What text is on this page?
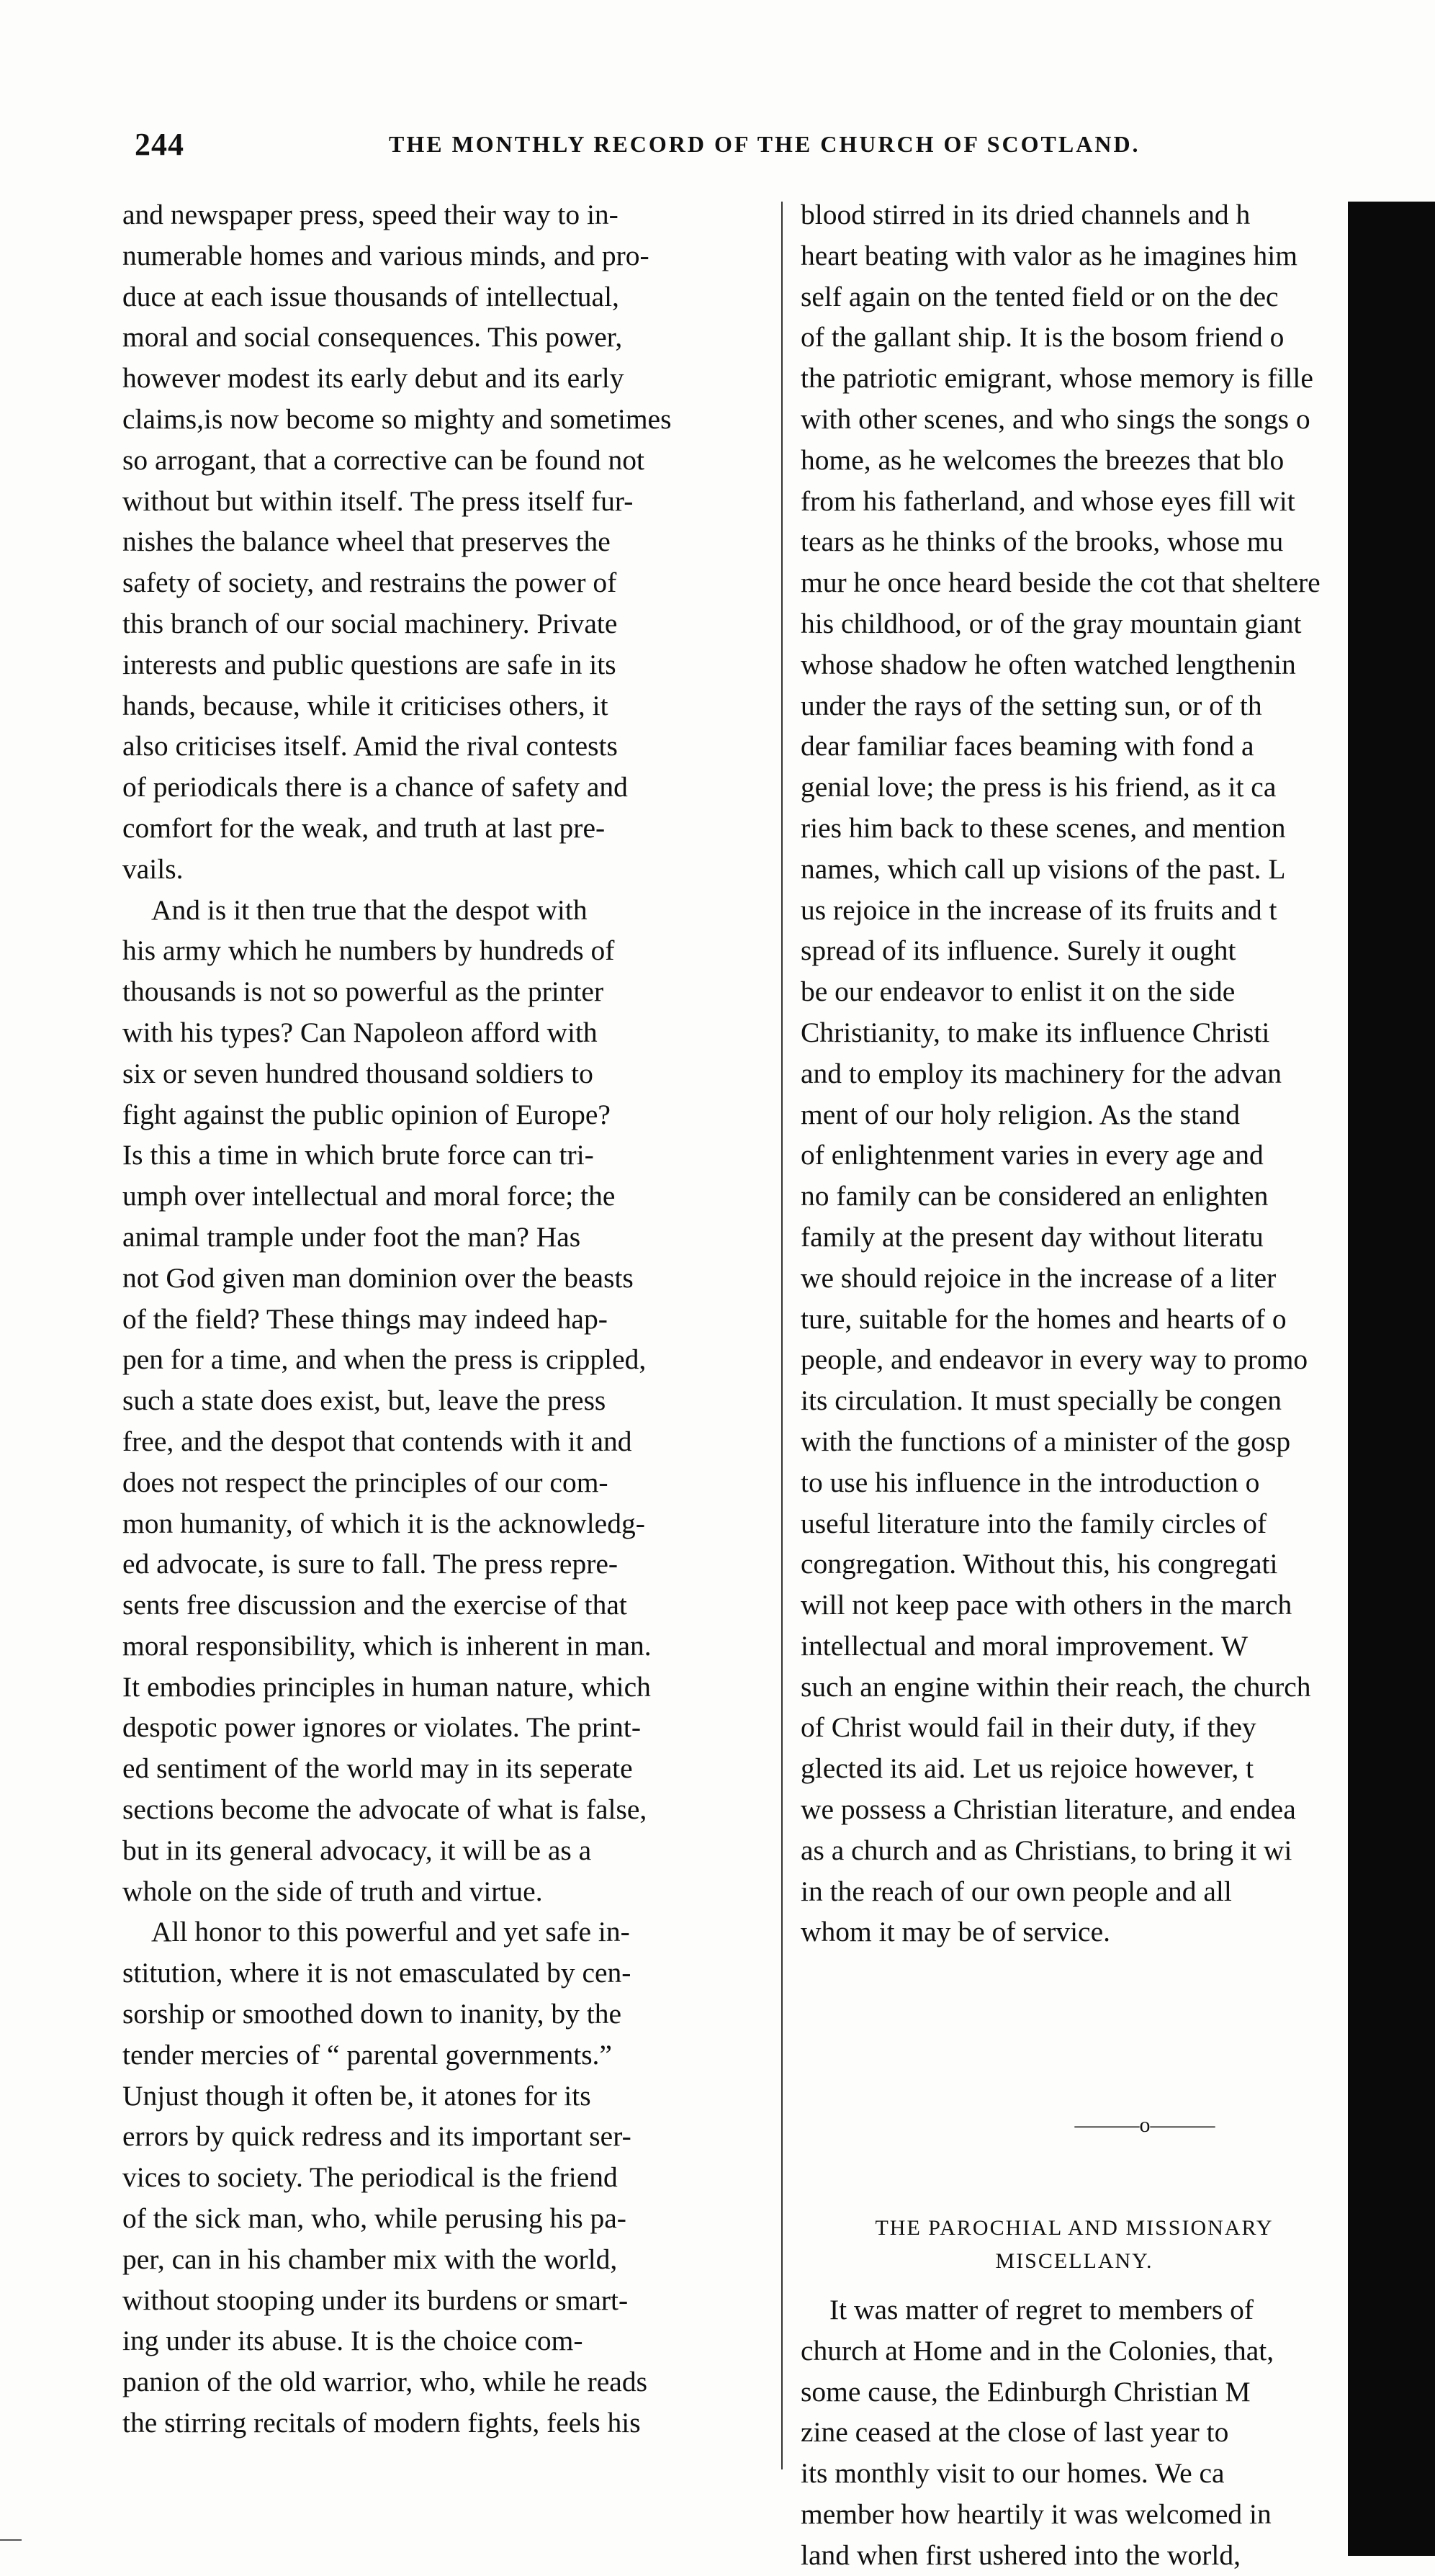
244	THE MONTHLY RECORD OF THE CHURCH OF SCOTLAND.
and newspaper press, speed their way to in-
numerable homes and various minds, and pro-
duce at each issue thousands of intellectual,
moral and social consequences. This power,
however modest its early debut and its early
claims,is now become so mighty and sometimes
so arrogant, that a corrective can be found not
without but within itself. The press itself fur-
nishes the balance wheel that preserves the
safety of society, and restrains the power of
this branch of our social machinery. Private
interests and public questions are safe in its
hands, because, while it criticises others, it
also criticises itself. Amid the rival contests
of periodicals there is a chance of safety and
comfort for the weak, and truth at last pre-
vails.
And is it then true that the despot with
his army which he numbers by hundreds of
thousands is not so powerful as the printer
with his types? Can Napoleon afford with
six or seven hundred thousand soldiers to
fight against the public opinion of Europe?
Is this a time in which brute force can tri-
umph over intellectual and moral force; the
animal trample under foot the man? Has
not God given man dominion over the beasts
of the field? These things may indeed hap-
pen for a time, and when the press is crippled,
such a state does exist, but, leave the press
free, and the despot that contends with it and
does not respect the principles of our com-
mon humanity, of which it is the acknowledg-
ed advocate, is sure to fall. The press repre-
sents free discussion and the exercise of that
moral responsibility, which is inherent in man.
It embodies principles in human nature, which
despotic power ignores or violates. The print-
ed sentiment of the world may in its seperate
sections become the advocate of what is false,
but in its general advocacy, it will be as a
whole on the side of truth and virtue.
All honor to this powerful and yet safe in-
stitution, where it is not emasculated by cen-
sorship or smoothed down to inanity, by the
tender mercies of “ parental governments.”
Unjust though it often be, it atones for its
errors by quick redress and its important ser-
vices to society. The periodical is the friend
of the sick man, who, while perusing his pa-
per, can in his chamber mix with the world,
without stooping under its burdens or smart-
ing under its abuse. It is the choice com-
panion of the old warrior, who, while he reads
the stirring recitals of modern fights, feels his
blood stirred in its dried channels and h
heart beating with valor as he imagines him
self again on the tented field or on the dec
of the gallant ship. It is the bosom friend o
the patriotic emigrant, whose memory is fille
with other scenes, and who sings the songs o
home, as he welcomes the breezes that blo
from his fatherland, and whose eyes fill wit
tears as he thinks of the brooks, whose mu
mur he once heard beside the cot that sheltere
his childhood, or of the gray mountain giant
whose shadow he often watched lengthenin
under the rays of the setting sun, or of th
dear familiar faces beaming with fond a
genial love; the press is his friend, as it ca
ries him back to these scenes, and mention
names, which call up visions of the past. L
us rejoice in the increase of its fruits and t
spread of its influence. Surely it ought
be our endeavor to enlist it on the side
Christianity, to make its influence Christi
and to employ its machinery for the advan
ment of our holy religion. As the stand
of enlightenment varies in every age and
no family can be considered an enlighten
family at the present day without literatu
we should rejoice in the increase of a liter
ture, suitable for the homes and hearts of o
people, and endeavor in every way to promo
its circulation. It must specially be congen
with the functions of a minister of the gosp
to use his influence in the introduction o
useful literature into the family circles of
congregation. Without this, his congregati
will not keep pace with others in the march
intellectual and moral improvement. W
such an engine within their reach, the church
of Christ would fail in their duty, if they
glected its aid. Let us rejoice however, t
we possess a Christian literature, and endea
as a church and as Christians, to bring it wi
in the reach of our own people and all
whom it may be of service.
———o———
THE PAROCHIAL AND MISSIONARY
MISCELLANY.
It was matter of regret to members of
church at Home and in the Colonies, that,
some cause, the Edinburgh Christian M
zine ceased at the close of last year to
its monthly visit to our homes. We ca
member how heartily it was welcomed in
land when first ushered into the world,
